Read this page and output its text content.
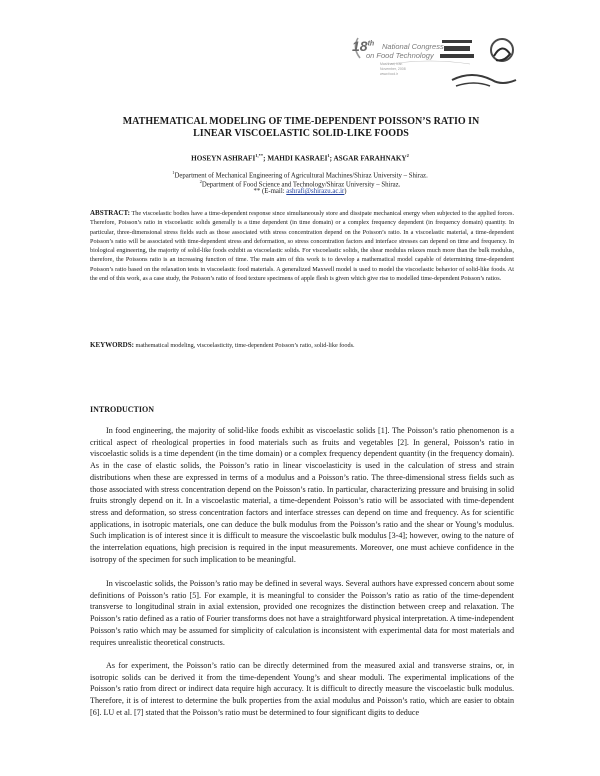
18th National Congress
on Food Technology
Mashhad, Iran
November, 2008
www.food.ir
MATHEMATICAL MODELING OF TIME-DEPENDENT POISSON’S RATIO IN
LINEAR VISCOELASTIC SOLID-LIKE FOODS
HOSEYN $ASHRAFI^{1,**}$; MAHDI KASRAEI$^1$; ASGAR FARAHNAKY$^2$
$^1$Department of Mechanical Engineering of Agricultural Machines/Shiraz University – Shiraz.
$^2$Department of Food Science and Technology/Shiraz University – Shiraz.
** (E-mail: ashrafi@shirazu.ac.ir)
ABSTRACT: The viscoelastic bodies have a time-dependent response since simultaneously store and dissipate mechanical energy when subjected to the applied forces. Therefore, Poisson’s ratio in viscoelastic solids generally is a time dependent (in time domain) or a complex frequency dependent (in frequency domain) quantity. In particular, three-dimensional stress fields such as those associated with stress concentration depend on the Poisson’s ratio. In a viscoelastic material, a time-dependent Poisson’s ratio will be associated with time-dependent stress and deformation, so stress concentration factors and interface stresses can depend on time and frequency. In biological engineering, the majority of solid-like foods exhibit as viscoelastic solids. For viscoelastic solids, the shear modulus relaxes much more than the bulk modulus, therefore, the Poissons ratio is an increasing function of time. The main aim of this work is to develop a mathematical model capable of determining time-dependent Poisson’s ratio based on the relaxation tests in viscoelastic food materials. A generalized Maxwell model is used to model the viscoelastic behavior of solid-like foods. At the end of this work, as a case study, the Poisson’s ratio of food texture specimens of apple flesh is given which give rise to modelled time-dependent Poisson’s ratios.
KEYWORDS: mathematical modeling, viscoelasticity, time-dependent Poisson’s ratio, solid-like foods.
INTRODUCTION

In food engineering, the majority of solid-like foods exhibit as viscoelastic solids [1]. The Poisson’s ratio phenomenon is a critical aspect of rheological properties in food materials such as fruits and vegetables [2]. In general, Poisson’s ratio in viscoelastic solids is a time dependent (in the time domain) or a complex frequency dependent quantity (in the frequency domain). As in the case of elastic solids, the Poisson’s ratio in linear viscoelasticity is used in the calculation of stress and strain distributions when these are expressed in terms of a modulus and a Poisson’s ratio. The three-dimensional stress fields such as those associated with stress concentration depend on the Poisson’s ratio. In particular, characterizing pressure and bruising in solid fruits strongly depend on it. In a viscoelastic material, a time-dependent Poisson’s ratio will be associated with time-dependent stress and deformation, so stress concentration factors and interface stresses can depend on time and frequency. As for scientific applications, in isotropic materials, one can deduce the bulk modulus from the Poisson’s ratio and the shear or Young’s modulus. Such implication is of interest since it is difficult to measure the viscoelastic bulk modulus [3-4]; however, owing to the nature of the interrelation equations, high precision is required in the input measurements. Moreover, one must achieve confidence in the isotropy of the specimen for such implication to be meaningful.

In viscoelastic solids, the Poisson’s ratio may be defined in several ways. Several authors have expressed concern about some definitions of Poisson’s ratio [5]. For example, it is meaningful to consider the Poisson’s ratio as ratio of the time-dependent transverse to longitudinal strain in axial extension, provided one recognizes the distinction between creep and relaxation. The Poisson’s ratio defined as a ratio of Fourier transforms does not have a straightforward physical interpretation. A time-independent Poisson’s ratio which may be assumed for simplicity of calculation is inconsistent with experimental data for most materials and requires unrealistic theoretical constructs.

As for experiment, the Poisson’s ratio can be directly determined from the measured axial and transverse strains, or, in isotropic solids can be derived it from the time-dependent Young’s and shear moduli. The experimental implications of the Poisson’s ratio from direct or indirect data require high accuracy. It is difficult to directly measure the viscoelastic bulk modulus. Therefore, it is of interest to determine the bulk properties from the axial modulus and Poisson’s ratio, which are easier to obtain [6]. LU et al. [7] stated that the Poisson’s ratio must be determined to four significant digits to deduce
